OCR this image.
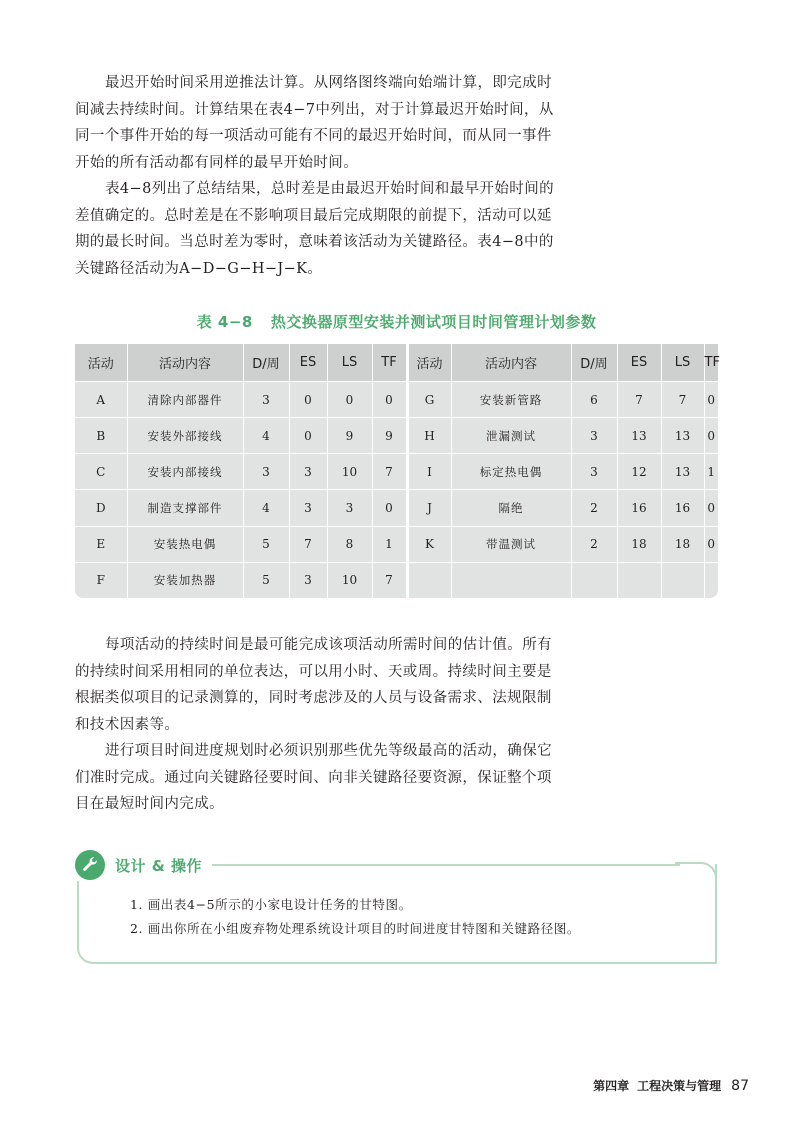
最迟开始时间采用逆推法计算。从网络图终端向始端计算，即完成时间减去持续时间。计算结果在表4−7中列出，对于计算最迟开始时间，从同一个事件开始的每一项活动可能有不同的最迟开始时间，而从同一事件开始的所有活动都有同样的最早开始时间。

表4−8列出了总结结果，总时差是由最迟开始时间和最早开始时间的差值确定的。总时差是在不影响项目最后完成期限的前提下，活动可以延期的最长时间。当总时差为零时，意味着该活动为关键路径。表4−8中的关键路径活动为A−D−G−H−J−K。

表 4−8 热交换器原型安装并测试项目时间管理计划参数
活动	活动内容	D/周	ES	LS	TF	活动	活动内容	D/周	ES	LS	TF
A	清除内部器件	3	0	0	0	G	安装新管路	6	7	7	0
B	安装外部接线	4	0	9	9	H	泄漏测试	3	13	13	0
C	安装内部接线	3	3	10	7	I	标定热电偶	3	12	13	1
D	制造支撑部件	4	3	3	0	J	隔绝	2	16	16	0
E	安装热电偶	5	7	8	1	K	带温测试	2	18	18	0
F	安装加热器	5	3	10	7						

每项活动的持续时间是最可能完成该项活动所需时间的估计值。所有的持续时间采用相同的单位表达，可以用小时、天或周。持续时间主要是根据类似项目的记录测算的，同时考虑涉及的人员与设备需求、法规限制和技术因素等。

进行项目时间进度规划时必须识别那些优先等级最高的活动，确保它们准时完成。通过向关键路径要时间、向非关键路径要资源，保证整个项目在最短时间内完成。

设计 & 操作
1. 画出表4−5所示的小家电设计任务的甘特图。
2. 画出你所在小组废弃物处理系统设计项目的时间进度甘特图和关键路径图。
第四章 工程决策与管理 87
